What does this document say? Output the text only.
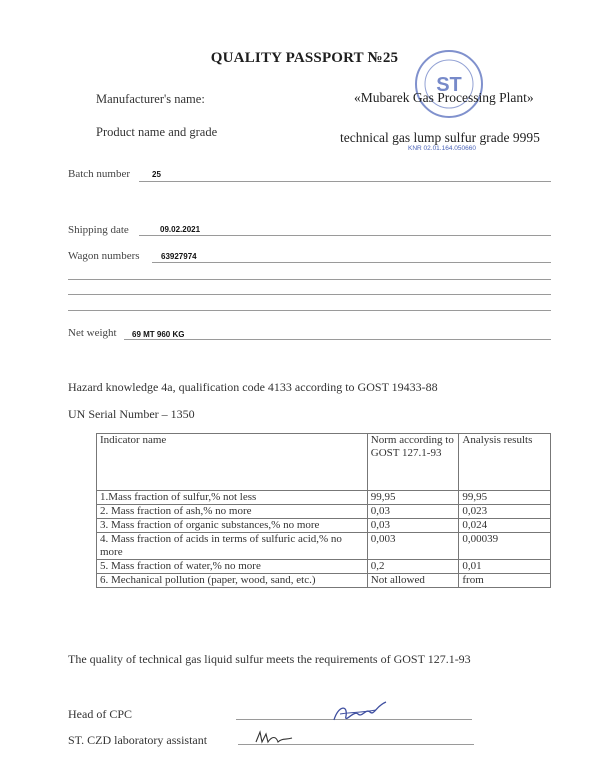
QUALITY PASSPORT №25
ST
Manufacturer's name:	«Mubarek Gas Processing Plant»
Product name and grade	technical gas lump sulfur grade 9995
KNR 02.01.164.050660
Batch number	25
Shipping date	09.02.2021
Wagon numbers	63927974
Net weight 69 MT 960 KG
Hazard knowledge 4a, qualification code 4133 according to GOST 19433-88
UN Serial Number – 1350
Indicator name	Norm according to GOST 127.1-93	Analysis results
1.Mass fraction of sulfur,% not less	99,95	99,95
2. Mass fraction of ash,% no more	0,03	0,023
3. Mass fraction of organic substances,% no more	0,03	0,024
4. Mass fraction of acids in terms of sulfuric acid,% no more	0,003	0,00039
5. Mass fraction of water,% no more	0,2	0,01
6. Mechanical pollution (paper, wood, sand, etc.)	Not allowed	from
The quality of technical gas liquid sulfur meets the requirements of GOST 127.1-93
Head of CPC
ST. CZD laboratory assistant
